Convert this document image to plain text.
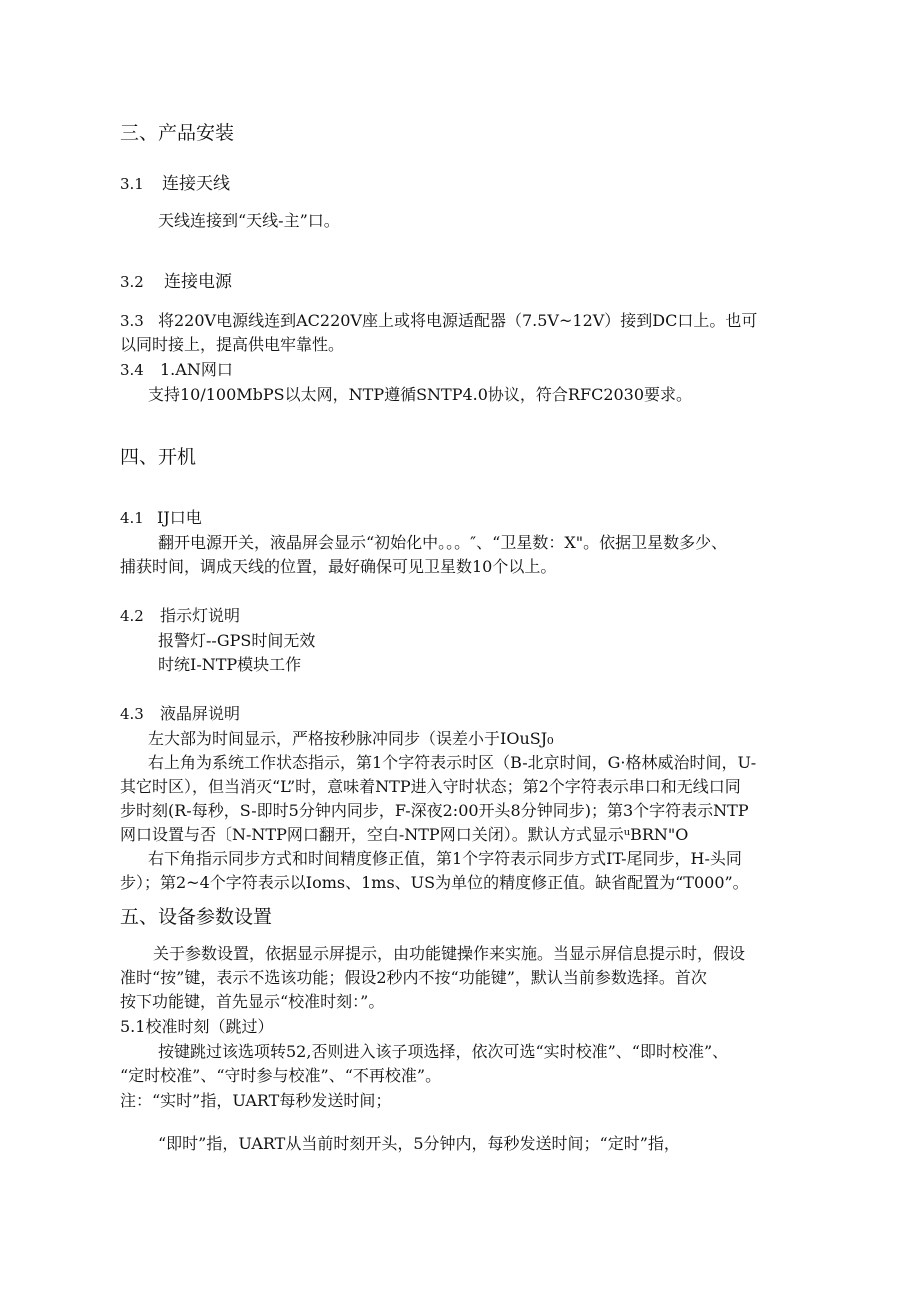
三、产品安装
3.1 连接天线
天线连接到“天线-主”口。
3.2 连接电源
3.3 将220V电源线连到AC220V座上或将电源适配器（7.5V~12V）接到DC口上。也可
以同时接上，提高供电牢靠性。
3.4 1.AN网口
支持10/100MbPS以太网，NTP遵循SNTP4.0协议，符合RFC2030要求。
四、开机
4.1 IJ口电
翻开电源开关，液晶屏会显示“初始化中。。。″、“卫星数：X"。依据卫星数多少、
捕获时间，调成天线的位置，最好确保可见卫星数10个以上。
4.2 指示灯说明
报警灯--GPS时间无效
时统I-NTP模块工作
4.3 液晶屏说明
左大部为时间显示，严格按秒脉冲同步（误差小于IOuSJ₀
右上角为系统工作状态指示，第1个字符表示时区（B-北京时间，G·格林威治时间，U-
其它时区），但当消灭“L”时，意味着NTP进入守时状态；第2个字符表示串口和无线口同
步时刻(R-每秒，S-即时5分钟内同步，F-深夜2:00开头8分钟同步)；第3个字符表示NTP
网口设置与否〔N-NTP网口翻开，空白-NTP网口关闭）。默认方式显示ᵘBRN"O
右下角指示同步方式和时间精度修正值，第1个字符表示同步方式IT-尾同步，H-头同
步）；第2~4个字符表示以Ioms、1ms、US为单位的精度修正值。缺省配置为“T000”。
五、设备参数设置
关于参数设置，依据显示屏提示，由功能键操作来实施。当显示屏信息提示时，假设
准时“按”键，表示不选该功能；假设2秒内不按“功能键”，默认当前参数选择。首次
按下功能键，首先显示“校准时刻：”。
5.1校准时刻（跳过）
按键跳过该选项转52,否则进入该子项选择，依次可选“实时校准”、“即时校准”、
“定时校准”、“守时参与校准”、“不再校准”。
注：“实时”指，UART每秒发送时间；
“即时”指，UART从当前时刻开头，5分钟内，每秒发送时间；“定时”指，
